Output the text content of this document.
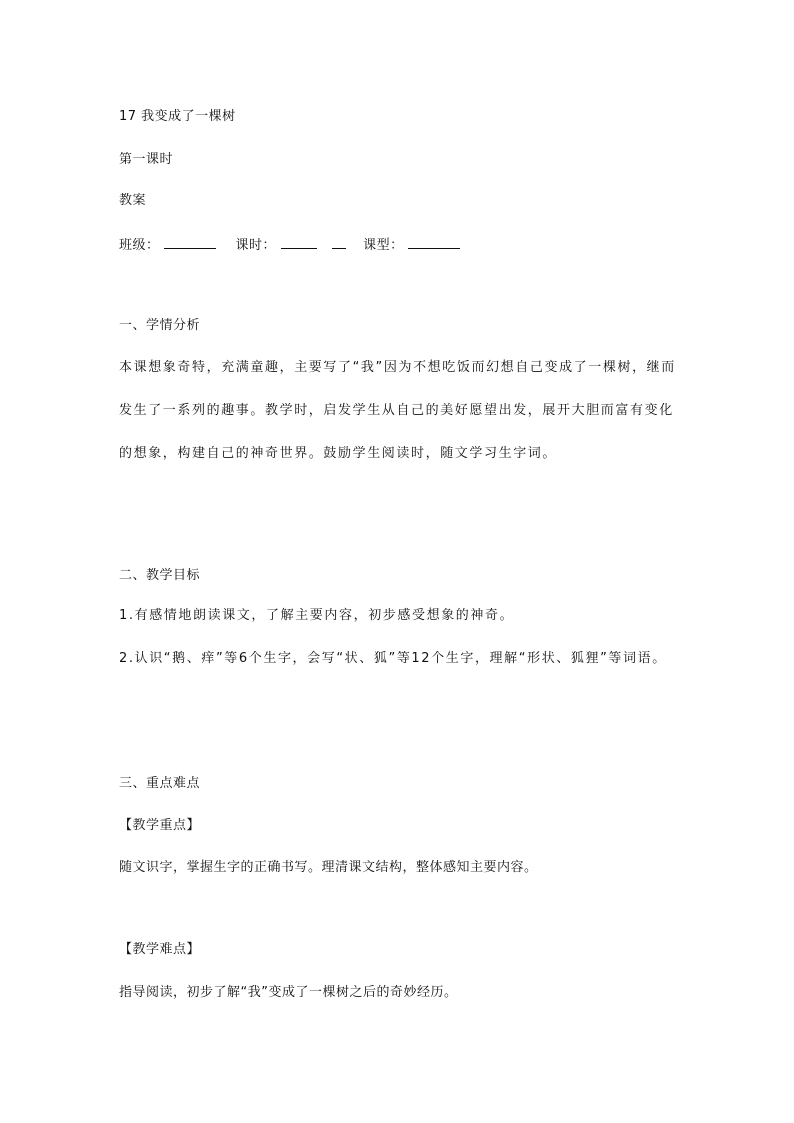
17 我变成了一棵树
第一课时
教案
班级：	课时：	课型：
一、学情分析
本课想象奇特，充满童趣，主要写了“我”因为不想吃饭而幻想自己变成了一棵树，继而发生了一系列的趣事。教学时，启发学生从自己的美好愿望出发，展开大胆而富有变化的想象，构建自己的神奇世界。鼓励学生阅读时，随文学习生字词。
二、教学目标
1.有感情地朗读课文，了解主要内容，初步感受想象的神奇。
2.认识“鹅、痒”等6个生字，会写“状、狐”等12个生字，理解“形状、狐狸”等词语。
三、重点难点
【教学重点】
随文识字，掌握生字的正确书写。理清课文结构，整体感知主要内容。
【教学难点】
指导阅读，初步了解“我”变成了一棵树之后的奇妙经历。
